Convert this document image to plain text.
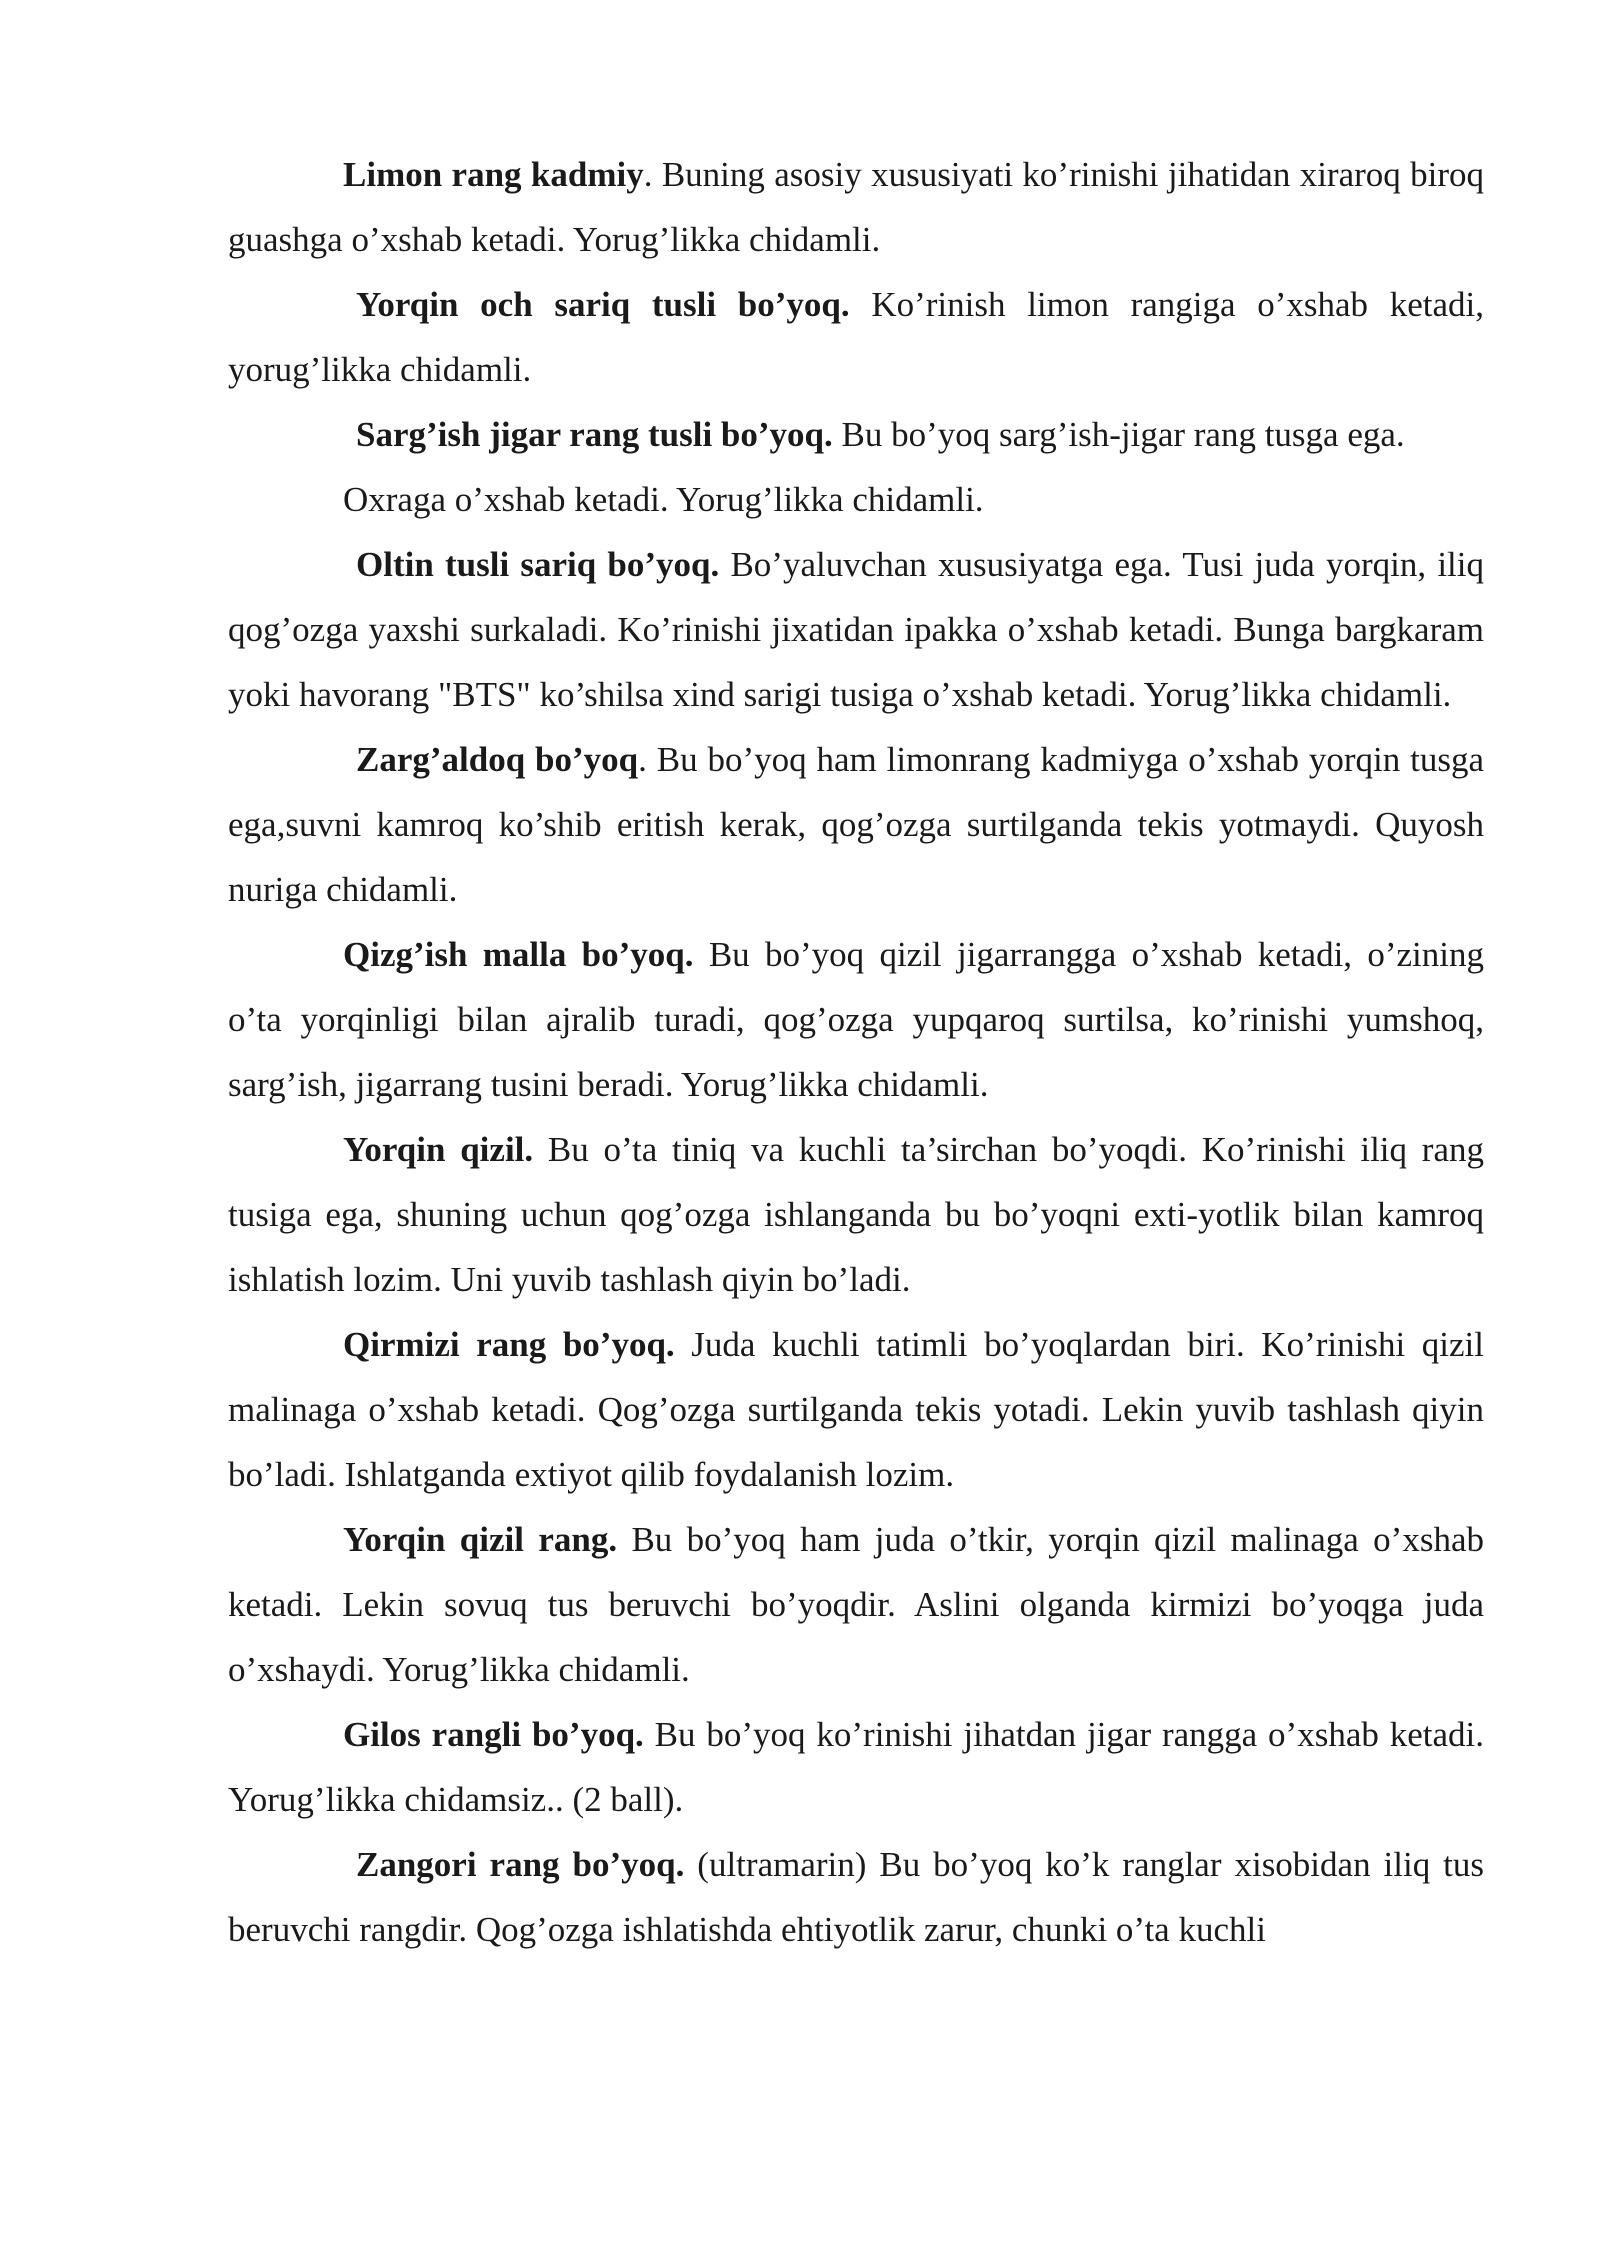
Limon rang kadmiy. Buning asosiy xususiyati ko’rinishi jihatidan xiraroq biroq guashga o’xshab ketadi. Yorug’likka chidamli.

Yorqin och sariq tusli bo’yoq. Ko’rinish limon rangiga o’xshab ketadi, yorug’likka chidamli.

Sarg’ish jigar rang tusli bo’yoq. Bu bo’yoq sarg’ish-jigar rang tusga ega.

Oxraga o’xshab ketadi. Yorug’likka chidamli.

Oltin tusli sariq bo’yoq. Bo’yaluvchan xususiyatga ega. Tusi juda yorqin, iliq qog’ozga yaxshi surkaladi. Ko’rinishi jixatidan ipakka o’xshab ketadi. Bunga bargkaram yoki havorang "BTS" ko’shilsa xind sarigi tusiga o’xshab ketadi. Yorug’likka chidamli.

Zarg’aldoq bo’yoq. Bu bo’yoq ham limonrang kadmiyga o’xshab yorqin tusga ega,suvni kamroq ko’shib eritish kerak, qog’ozga surtilganda tekis yotmaydi. Quyosh nuriga chidamli.

Qizg’ish malla bo’yoq. Bu bo’yoq qizil jigarrangga o’xshab ketadi, o’zining o’ta yorqinligi bilan ajralib turadi, qog’ozga yupqaroq surtilsa, ko’rinishi yumshoq, sarg’ish, jigarrang tusini beradi. Yorug’likka chidamli.

Yorqin qizil. Bu o’ta tiniq va kuchli ta’sirchan bo’yoqdi. Ko’rinishi iliq rang tusiga ega, shuning uchun qog’ozga ishlanganda bu bo’yoqni exti-yotlik bilan kamroq ishlatish lozim. Uni yuvib tashlash qiyin bo’ladi.

Qirmizi rang bo’yoq. Juda kuchli tatimli bo’yoqlardan biri. Ko’rinishi qizil malinaga o’xshab ketadi. Qog’ozga surtilganda tekis yotadi. Lekin yuvib tashlash qiyin bo’ladi. Ishlatganda extiyot qilib foydalanish lozim.

Yorqin qizil rang. Bu bo’yoq ham juda o’tkir, yorqin qizil malinaga o’xshab ketadi. Lekin sovuq tus beruvchi bo’yoqdir. Aslini olganda kirmizi bo’yoqga juda o’xshaydi. Yorug’likka chidamli.

Gilos rangli bo’yoq. Bu bo’yoq ko’rinishi jihatdan jigar rangga o’xshab ketadi. Yorug’likka chidamsiz.. (2 ball).

Zangori rang bo’yoq. (ultramarin) Bu bo’yoq ko’k ranglar xisobidan iliq tus beruvchi rangdir. Qog’ozga ishlatishda ehtiyotlik zarur, chunki o’ta kuchli
